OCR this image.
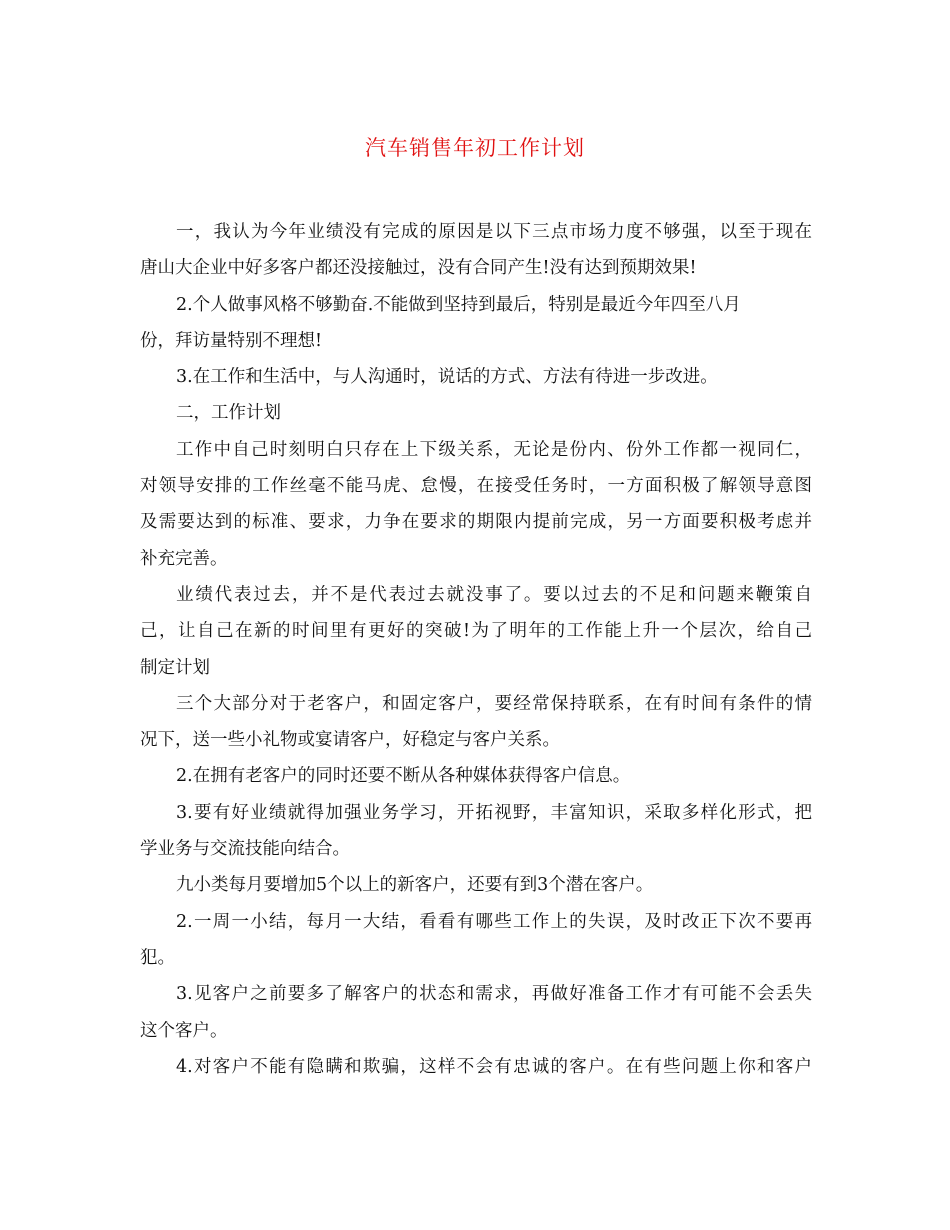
汽车销售年初工作计划
一，我认为今年业绩没有完成的原因是以下三点市场力度不够强，以至于现在
唐山大企业中好多客户都还没接触过，没有合同产生!没有达到预期效果!
2.个人做事风格不够勤奋.不能做到坚持到最后，特别是最近今年四至八月
份，拜访量特别不理想!
3.在工作和生活中，与人沟通时，说话的方式、方法有待进一步改进。
二，工作计划
工作中自己时刻明白只存在上下级关系，无论是份内、份外工作都一视同仁，
对领导安排的工作丝毫不能马虎、怠慢，在接受任务时，一方面积极了解领导意图
及需要达到的标准、要求，力争在要求的期限内提前完成，另一方面要积极考虑并
补充完善。
业绩代表过去，并不是代表过去就没事了。要以过去的不足和问题来鞭策自
己，让自己在新的时间里有更好的突破!为了明年的工作能上升一个层次，给自己
制定计划
三个大部分对于老客户，和固定客户，要经常保持联系，在有时间有条件的情
况下，送一些小礼物或宴请客户，好稳定与客户关系。
2.在拥有老客户的同时还要不断从各种媒体获得客户信息。
3.要有好业绩就得加强业务学习，开拓视野，丰富知识，采取多样化形式，把
学业务与交流技能向结合。
九小类每月要增加5个以上的新客户，还要有到3个潜在客户。
2.一周一小结，每月一大结，看看有哪些工作上的失误，及时改正下次不要再
犯。
3.见客户之前要多了解客户的状态和需求，再做好准备工作才有可能不会丢失
这个客户。
4.对客户不能有隐瞒和欺骗，这样不会有忠诚的客户。在有些问题上你和客户
